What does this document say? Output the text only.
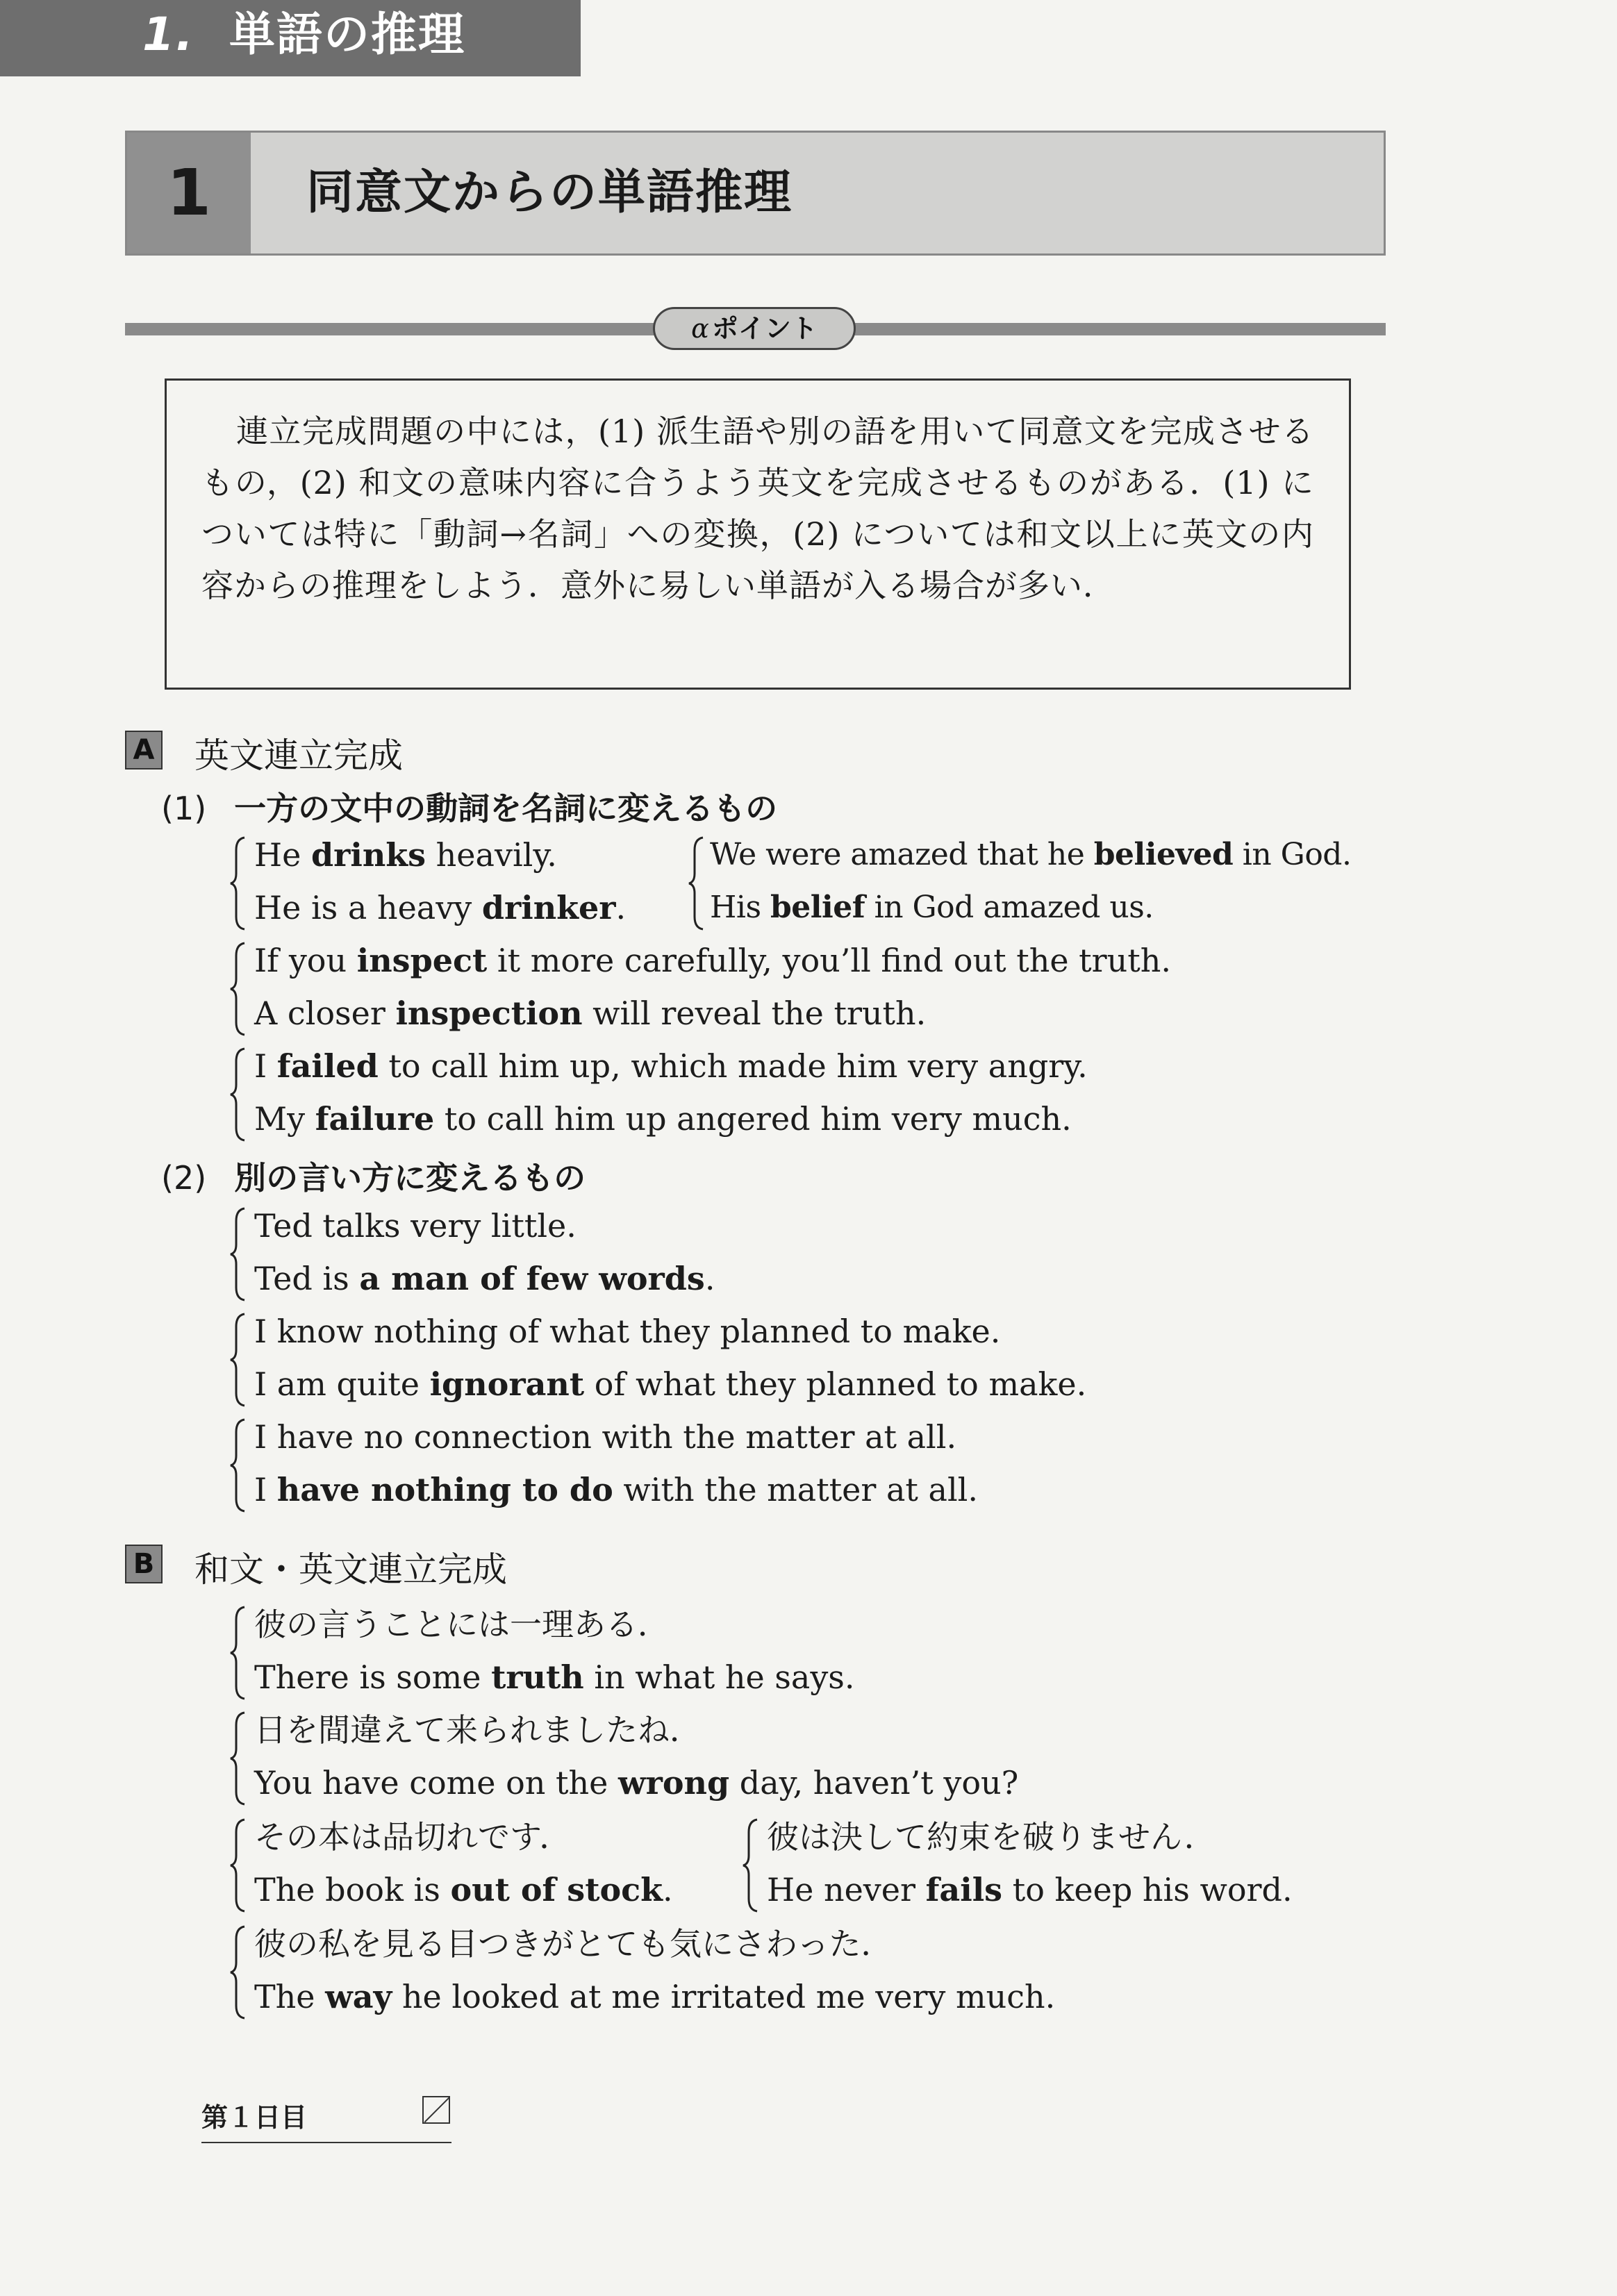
1. 単語の推理
1	同意文からの単語推理
α ポイント

連立完成問題の中には，(1) 派生語や別の語を用いて同意文を完成させるもの，(2) 和文の意味内容に合うよう英文を完成させるものがある．(1) については特に「動詞→名詞」への変換，(2) については和文以上に英文の内容からの推理をしよう．意外に易しい単語が入る場合が多い．

A 英文連立完成
(1) 一方の文中の動詞を名詞に変えるもの
He drinks heavily.
He is a heavy drinker.
We were amazed that he believed in God.
His belief in God amazed us.
If you inspect it more carefully, you’ll find out the truth.
A closer inspection will reveal the truth.
I failed to call him up, which made him very angry.
My failure to call him up angered him very much.
(2) 別の言い方に変えるもの
Ted talks very little.
Ted is a man of few words.
I know nothing of what they planned to make.
I am quite ignorant of what they planned to make.
I have no connection with the matter at all.
I have nothing to do with the matter at all.
B 和文・英文連立完成
彼の言うことには一理ある．
There is some truth in what he says.
日を間違えて来られましたね．
You have come on the wrong day, haven’t you?
その本は品切れです．
The book is out of stock.
彼は決して約束を破りません．
He never fails to keep his word.
彼の私を見る目つきがとても気にさわった．
The way he looked at me irritated me very much.
第１日目
